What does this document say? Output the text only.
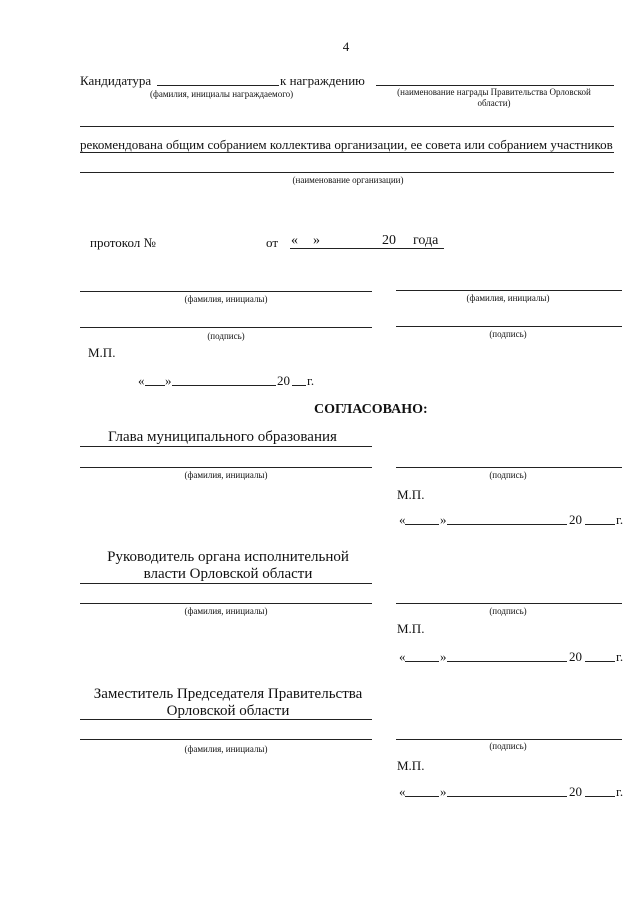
4
Кандидатура	к награждению
(фамилия, инициалы награждаемого)	(наименование награды Правительства Орловской
области)
рекомендована общим собранием коллектива организации, ее совета или собранием участников
(наименование организации)
протокол №	от « »	20 года
(фамилия, инициалы)	(фамилия, инициалы)
(подпись)	(подпись)
М.П.
« »	20 г.
СОГЛАСОВАНО:
Глава муниципального образования
(фамилия, инициалы)	(подпись)
М.П.
«	»	20	г.
Руководитель органа исполнительной
власти Орловской области
(фамилия, инициалы)	(подпись)
М.П.
«	»	20	г.
Заместитель Председателя Правительства
Орловской области
(фамилия, инициалы)	(подпись)
М.П.
«	»	20	г.
